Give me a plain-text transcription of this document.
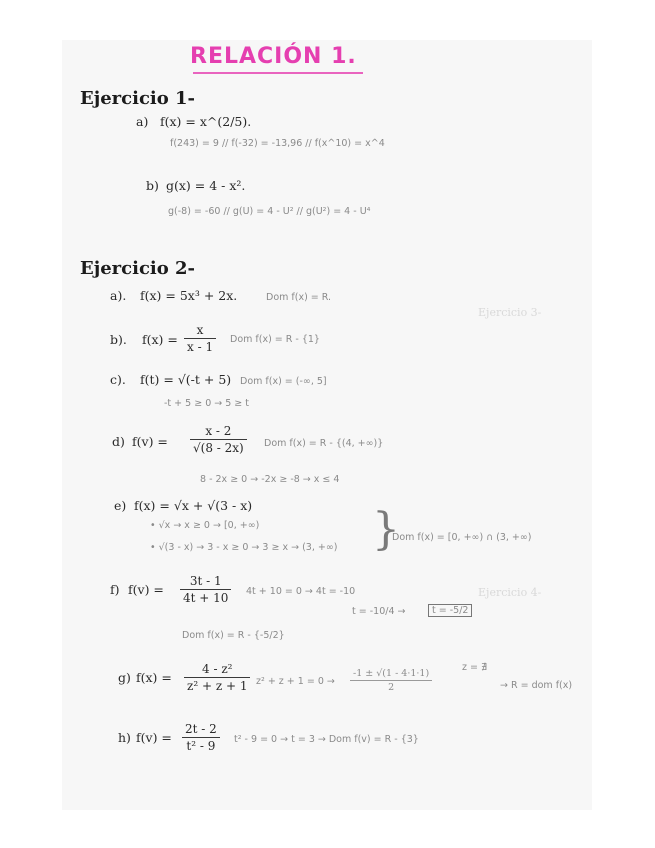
RELACIÓN 1.
Ejercicio 3-
Ejercicio 4-
Ejercicio 1-
a) f(x) = x^(2/5).
f(243) = 9 // f(-32) = -13,96 // f(x^10) = x^4
b) g(x) = 4 - x².
g(-8) = -60 // g(U) = 4 - U² // g(U²) = 4 - U⁴
Ejercicio 2-
a). f(x) = 5x³ + 2x.	Dom f(x) = R.
b). f(x) =
x
x - 1
Dom f(x) = R - {1}
c). f(t) = √(-t + 5) Dom f(x) = (-∞, 5]
-t + 5 ≥ 0 → 5 ≥ t
d) f(v) =
x - 2
√(8 - 2x)	Dom f(x) = R - {(4, +∞)}
8 - 2x ≥ 0 → -2x ≥ -8 → x ≤ 4
e) f(x) = √x + √(3 - x)
• √x → x ≥ 0 → [0, +∞)
• √(3 - x) → 3 - x ≥ 0 → 3 ≥ x → (3, +∞) }
Dom f(x) = [0, +∞) ∩ (3, +∞)
f) f(v) =
3t - 1
4t + 10	4t + 10 = 0 → 4t = -10
t = -10/4 →	t = -5/2
Dom f(x) = R - {-5/2}
g) f(x) =
4 - z²
z² + z + 1 z² + z + 1 = 0 →
-1 ± √(1 - 4·1·1)
2
z = ∄
→ R = dom f(x)
h) f(v) =
2t - 2
t² - 9	t² - 9 = 0 → t = 3 → Dom f(v) = R - {3}
